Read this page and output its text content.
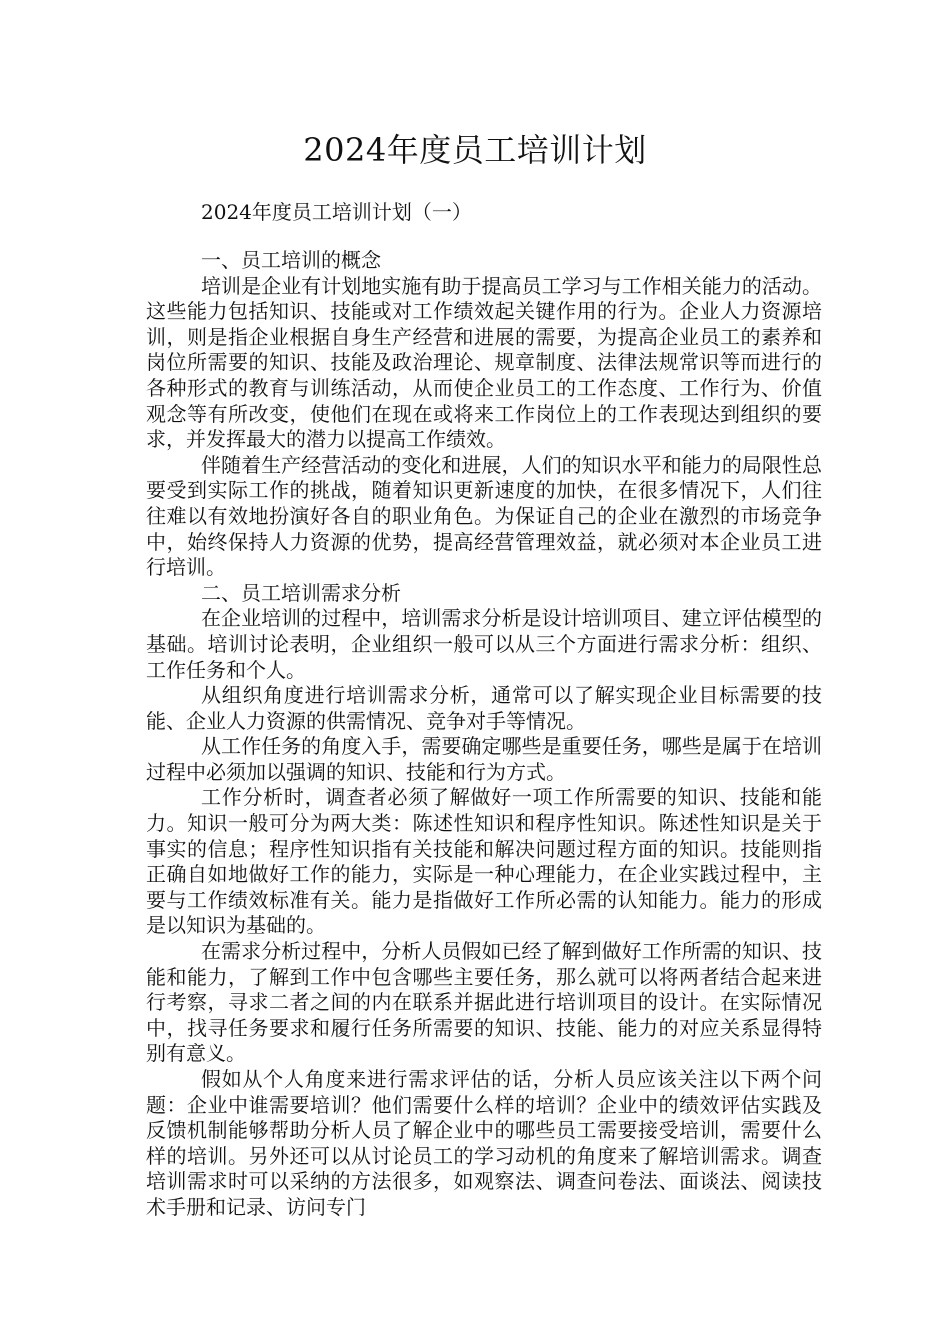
2024年度员工培训计划
2024年度员工培训计划（一）

一、员工培训的概念

培训是企业有计划地实施有助于提高员工学习与工作相关能力的活动。这些能力包括知识、技能或对工作绩效起关键作用的行为。企业人力资源培训，则是指企业根据自身生产经营和进展的需要，为提高企业员工的素养和岗位所需要的知识、技能及政治理论、规章制度、法律法规常识等而进行的各种形式的教育与训练活动，从而使企业员工的工作态度、工作行为、价值观念等有所改变，使他们在现在或将来工作岗位上的工作表现达到组织的要求，并发挥最大的潜力以提高工作绩效。

伴随着生产经营活动的变化和进展，人们的知识水平和能力的局限性总要受到实际工作的挑战，随着知识更新速度的加快，在很多情况下，人们往往难以有效地扮演好各自的职业角色。为保证自己的企业在激烈的市场竞争中，始终保持人力资源的优势，提高经营管理效益，就必须对本企业员工进行培训。

二、员工培训需求分析

在企业培训的过程中，培训需求分析是设计培训项目、建立评估模型的基础。培训讨论表明，企业组织一般可以从三个方面进行需求分析：组织、工作任务和个人。

从组织角度进行培训需求分析，通常可以了解实现企业目标需要的技能、企业人力资源的供需情况、竞争对手等情况。

从工作任务的角度入手，需要确定哪些是重要任务，哪些是属于在培训过程中必须加以强调的知识、技能和行为方式。

工作分析时，调查者必须了解做好一项工作所需要的知识、技能和能力。知识一般可分为两大类：陈述性知识和程序性知识。陈述性知识是关于事实的信息；程序性知识指有关技能和解决问题过程方面的知识。技能则指正确自如地做好工作的能力，实际是一种心理能力，在企业实践过程中，主要与工作绩效标准有关。能力是指做好工作所必需的认知能力。能力的形成是以知识为基础的。

在需求分析过程中，分析人员假如已经了解到做好工作所需的知识、技能和能力，了解到工作中包含哪些主要任务，那么就可以将两者结合起来进行考察，寻求二者之间的内在联系并据此进行培训项目的设计。在实际情况中，找寻任务要求和履行任务所需要的知识、技能、能力的对应关系显得特别有意义。

假如从个人角度来进行需求评估的话，分析人员应该关注以下两个问题：企业中谁需要培训？他们需要什么样的培训？企业中的绩效评估实践及反馈机制能够帮助分析人员了解企业中的哪些员工需要接受培训，需要什么样的培训。另外还可以从讨论员工的学习动机的角度来了解培训需求。调查培训需求时可以采纳的方法很多，如观察法、调查问卷法、面谈法、阅读技术手册和记录、访问专门
